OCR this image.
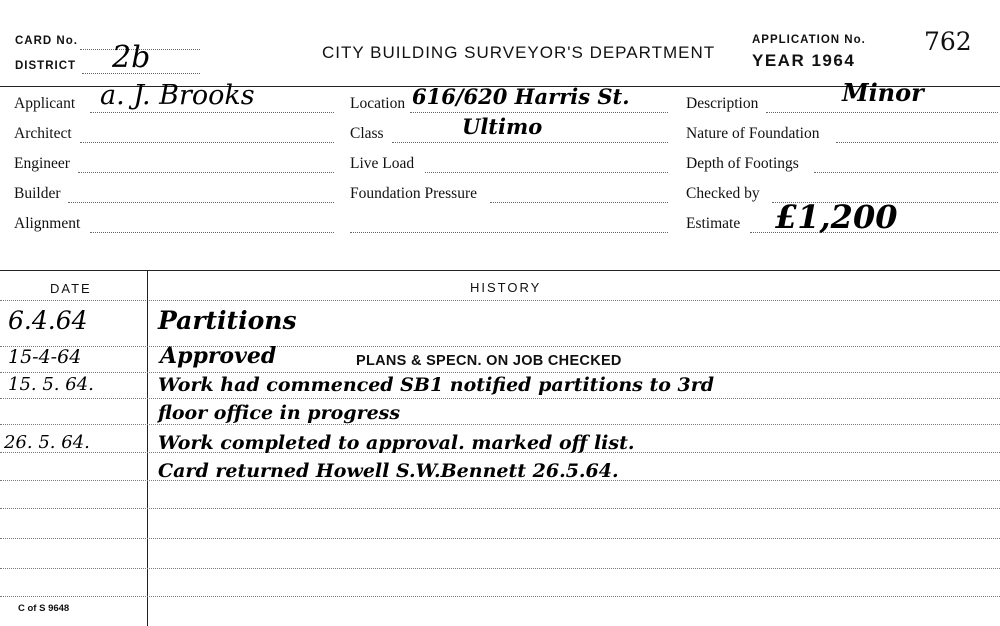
CARD No.
DISTRICT 2b	CITY BUILDING SURVEYOR'S DEPARTMENT
APPLICATION No.
YEAR 1964
762
Applicant a. J. Brooks
Architect
Engineer
Builder
Alignment
Location 616/620 Harris St.
Class	Ultimo
Live Load
Foundation Pressure
Description	Minor
Nature of Foundation
Depth of Footings
Checked by
Estimate £1,200
DATE	HISTORY
6.4.64	Partitions
15-4-64	Approved	PLANS & SPECN. ON JOB CHECKED
15. 5. 64.	Work had commenced SB1 notified partitions to 3rd
floor office in progress
26. 5. 64.	Work completed to approval. marked off list.
Card returned Howell S.W.Bennett 26.5.64.
C of S 9648
